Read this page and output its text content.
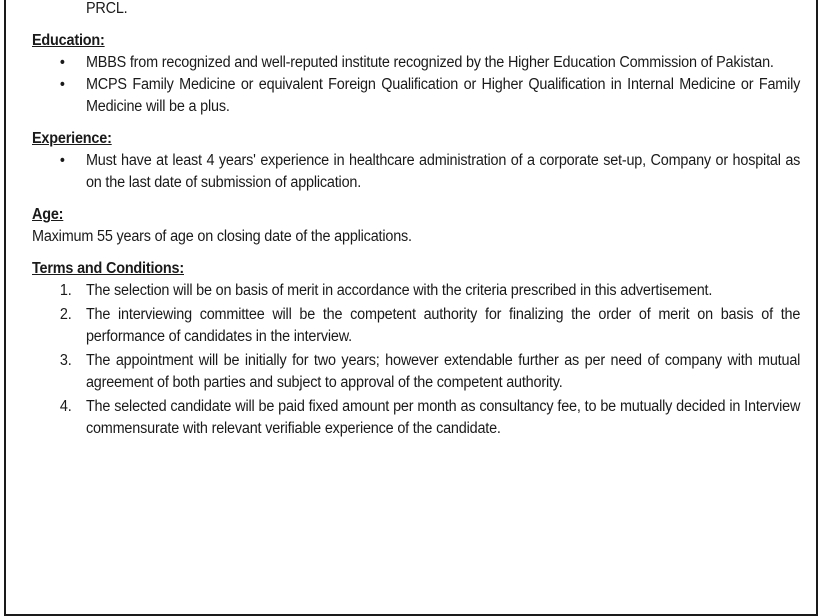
PRCL.

Education:

• MBBS from recognized and well-reputed institute recognized by the Higher Education Commission of Pakistan.
• MCPS Family Medicine or equivalent Foreign Qualification or Higher Qualification in Internal Medicine or Family Medicine will be a plus.

Experience:

• Must have at least 4 years' experience in healthcare administration of a corporate set-up, Company or hospital as on the last date of submission of application.

Age:

Maximum 55 years of age on closing date of the applications.

Terms and Conditions:

1. The selection will be on basis of merit in accordance with the criteria prescribed in this advertisement.
2. The interviewing committee will be the competent authority for finalizing the order of merit on basis of the performance of candidates in the interview.
3. The appointment will be initially for two years; however extendable further as per need of company with mutual agreement of both parties and subject to approval of the competent authority.
4. The selected candidate will be paid fixed amount per month as consultancy fee, to be mutually decided in Interview commensurate with relevant verifiable experience of the candidate.
